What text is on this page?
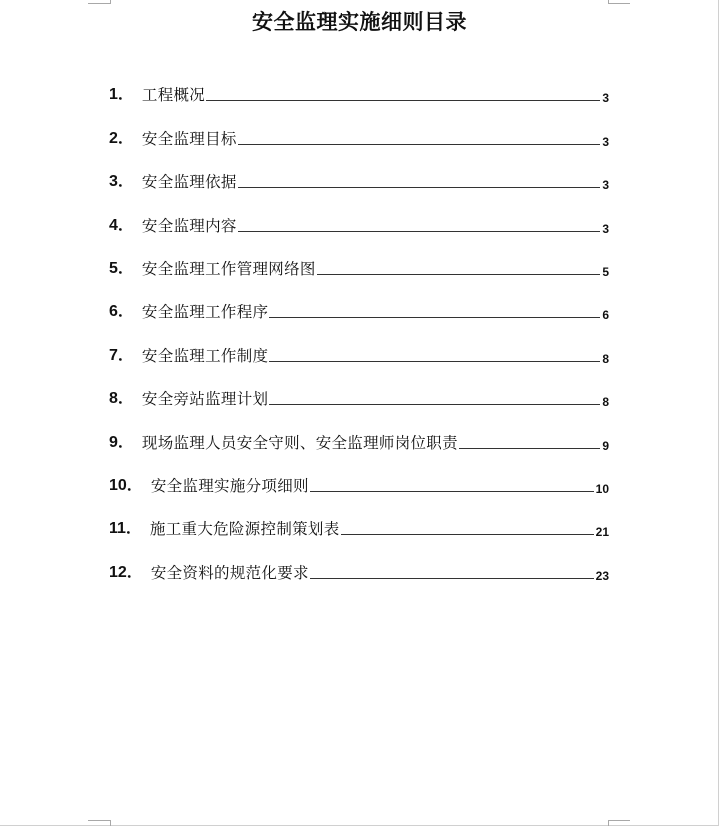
安全监理实施细则目录
1． 工程概况	3
2． 安全监理目标	3
3． 安全监理依据	3
4． 安全监理内容	3
5． 安全监理工作管理网络图	5
6． 安全监理工作程序	6
7． 安全监理工作制度	8
8． 安全旁站监理计划	8
9． 现场监理人员安全守则、安全监理师岗位职责	9
10． 安全监理实施分项细则	10
11． 施工重大危险源控制策划表	21
12． 安全资料的规范化要求	23
